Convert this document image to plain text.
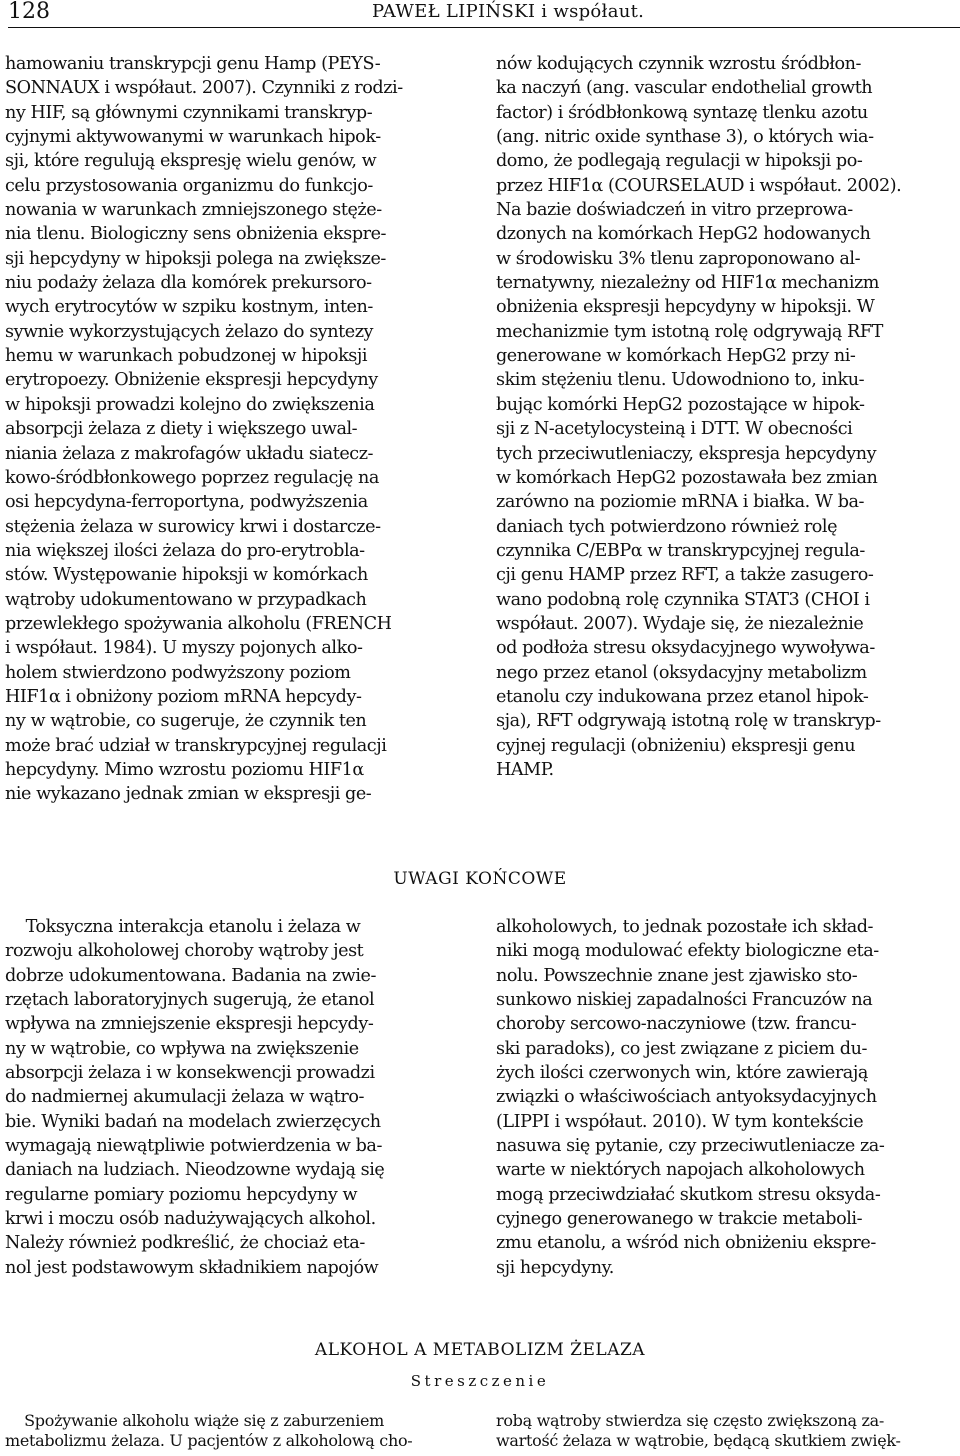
128	PAWEŁ LIPIŃSKI i współaut.

hamowaniu transkrypcji genu Hamp (PEYS-
SONNAUX i współaut. 2007). Czynniki z rodzi-
ny HIF, są głównymi czynnikami transkryp-
cyjnymi aktywowanymi w warunkach hipok-
sji, które regulują ekspresję wielu genów, w
celu przystosowania organizmu do funkcjo-
nowania w warunkach zmniejszonego stęże-
nia tlenu. Biologiczny sens obniżenia ekspre-
sji hepcydyny w hipoksji polega na zwiększe-
niu podaży żelaza dla komórek prekursoro-
wych erytrocytów w szpiku kostnym, inten-
sywnie wykorzystujących żelazo do syntezy
hemu w warunkach pobudzonej w hipoksji
erytropoezy. Obniżenie ekspresji hepcydyny
w hipoksji prowadzi kolejno do zwiększenia
absorpcji żelaza z diety i większego uwal-
niania żelaza z makrofagów układu siatecz-
kowo-śródbłonkowego poprzez regulację na
osi hepcydyna-ferroportyna, podwyższenia
stężenia żelaza w surowicy krwi i dostarcze-
nia większej ilości żelaza do pro-erytrobla-
stów. Występowanie hipoksji w komórkach
wątroby udokumentowano w przypadkach
przewlekłego spożywania alkoholu (FRENCH
i współaut. 1984). U myszy pojonych alko-
holem stwierdzono podwyższony poziom
HIF1α i obniżony poziom mRNA hepcydy-
ny w wątrobie, co sugeruje, że czynnik ten
może brać udział w transkrypcyjnej regulacji
hepcydyny. Mimo wzrostu poziomu HIF1α
nie wykazano jednak zmian w ekspresji ge-

nów kodujących czynnik wzrostu śródbłon-
ka naczyń (ang. vascular endothelial growth
factor) i śródbłonkową syntazę tlenku azotu
(ang. nitric oxide synthase 3), o których wia-
domo, że podlegają regulacji w hipoksji po-
przez HIF1α (COURSELAUD i współaut. 2002).
Na bazie doświadczeń in vitro przeprowa-
dzonych na komórkach HepG2 hodowanych
w środowisku 3% tlenu zaproponowano al-
ternatywny, niezależny od HIF1α mechanizm
obniżenia ekspresji hepcydyny w hipoksji. W
mechanizmie tym istotną rolę odgrywają RFT
generowane w komórkach HepG2 przy ni-
skim stężeniu tlenu. Udowodniono to, inku-
bując komórki HepG2 pozostające w hipok-
sji z N-acetylocysteiną i DTT. W obecności
tych przeciwutleniaczy, ekspresja hepcydyny
w komórkach HepG2 pozostawała bez zmian
zarówno na poziomie mRNA i białka. W ba-
daniach tych potwierdzono również rolę
czynnika C/EBPα w transkrypcyjnej regula-
cji genu HAMP przez RFT, a także zasugero-
wano podobną rolę czynnika STAT3 (CHOI i
współaut. 2007). Wydaje się, że niezależnie
od podłoża stresu oksydacyjnego wywoływa-
nego przez etanol (oksydacyjny metabolizm
etanolu czy indukowana przez etanol hipok-
sja), RFT odgrywają istotną rolę w transkryp-
cyjnej regulacji (obniżeniu) ekspresji genu
HAMP.

UWAGI KOŃCOWE

Toksyczna interakcja etanolu i żelaza w
rozwoju alkoholowej choroby wątroby jest
dobrze udokumentowana. Badania na zwie-
rzętach laboratoryjnych sugerują, że etanol
wpływa na zmniejszenie ekspresji hepcydy-
ny w wątrobie, co wpływa na zwiększenie
absorpcji żelaza i w konsekwencji prowadzi
do nadmiernej akumulacji żelaza w wątro-
bie. Wyniki badań na modelach zwierzęcych
wymagają niewątpliwie potwierdzenia w ba-
daniach na ludziach. Nieodzowne wydają się
regularne pomiary poziomu hepcydyny w
krwi i moczu osób nadużywających alkohol.
Należy również podkreślić, że chociaż eta-
nol jest podstawowym składnikiem napojów

alkoholowych, to jednak pozostałe ich skład-
niki mogą modulować efekty biologiczne eta-
nolu. Powszechnie znane jest zjawisko sto-
sunkowo niskiej zapadalności Francuzów na
choroby sercowo-naczyniowe (tzw. francu-
ski paradoks), co jest związane z piciem du-
żych ilości czerwonych win, które zawierają
związki o właściwościach antyoksydacyjnych
(LIPPI i współaut. 2010). W tym kontekście
nasuwa się pytanie, czy przeciwutleniacze za-
warte w niektórych napojach alkoholowych
mogą przeciwdziałać skutkom stresu oksyda-
cyjnego generowanego w trakcie metaboli-
zmu etanolu, a wśród nich obniżeniu ekspre-
sji hepcydyny.

ALKOHOL A METABOLIZM ŻELAZA
Streszczenie

Spożywanie alkoholu wiąże się z zaburzeniem
metabolizmu żelaza. U pacjentów z alkoholową cho-

robą wątroby stwierdza się często zwiększoną za-
wartość żelaza w wątrobie, będącą skutkiem zwięk-
